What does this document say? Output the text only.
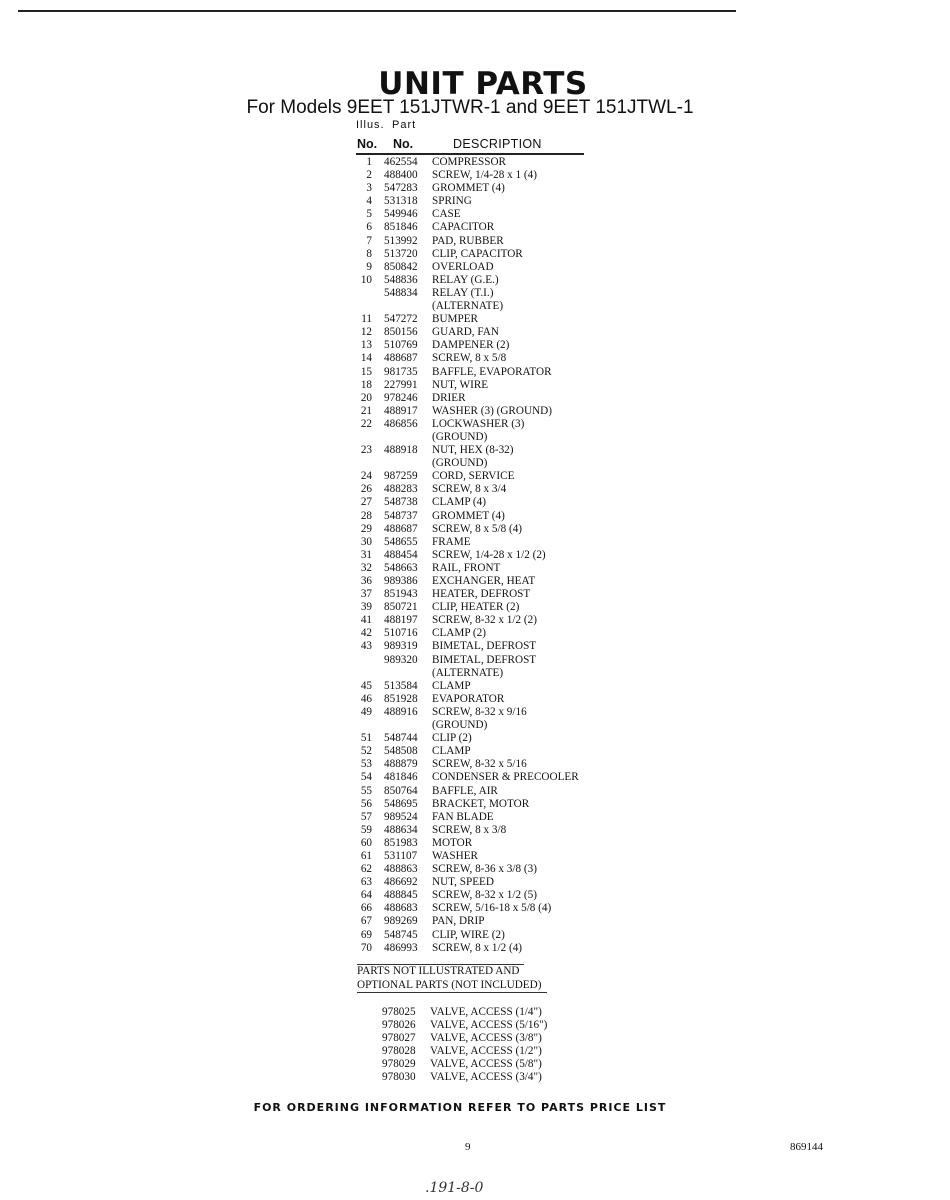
UNIT PARTS
For Models 9EET 151JTWR-1 and 9EET 151JTWL-1
Illus. Part
No. No.	DESCRIPTION
1 462554 COMPRESSOR
2 488400 SCREW, 1/4-28 x 1 (4)
3 547283 GROMMET (4)
4 531318 SPRING
5 549946 CASE
6 851846 CAPACITOR
7 513992 PAD, RUBBER
8 513720 CLIP, CAPACITOR
9 850842 OVERLOAD
10 548836 RELAY (G.E.)
548834 RELAY (T.I.)
(ALTERNATE)
11 547272 BUMPER
12 850156 GUARD, FAN
13 510769 DAMPENER (2)
14 488687 SCREW, 8 x 5/8
15 981735 BAFFLE, EVAPORATOR
18 227991 NUT, WIRE
20 978246 DRIER
21 488917 WASHER (3) (GROUND)
22 486856 LOCKWASHER (3)
(GROUND)
23 488918 NUT, HEX (8-32)
(GROUND)
24 987259 CORD, SERVICE
26 488283 SCREW, 8 x 3/4
27 548738 CLAMP (4)
28 548737 GROMMET (4)
29 488687 SCREW, 8 x 5/8 (4)
30 548655 FRAME
31 488454 SCREW, 1/4-28 x 1/2 (2)
32 548663 RAIL, FRONT
36 989386 EXCHANGER, HEAT
37 851943 HEATER, DEFROST
39 850721 CLIP, HEATER (2)
41 488197 SCREW, 8-32 x 1/2 (2)
42 510716 CLAMP (2)
43 989319 BIMETAL, DEFROST
989320 BIMETAL, DEFROST
(ALTERNATE)
45 513584 CLAMP
46 851928 EVAPORATOR
49 488916 SCREW, 8-32 x 9/16
(GROUND)
51 548744 CLIP (2)
52 548508 CLAMP
53 488879 SCREW, 8-32 x 5/16
54 481846 CONDENSER & PRECOOLER
55 850764 BAFFLE, AIR
56 548695 BRACKET, MOTOR
57 989524 FAN BLADE
59 488634 SCREW, 8 x 3/8
60 851983 MOTOR
61 531107 WASHER
62 488863 SCREW, 8-36 x 3/8 (3)
63 486692 NUT, SPEED
64 488845 SCREW, 8-32 x 1/2 (5)
66 488683 SCREW, 5/16-18 x 5/8 (4)
67 989269 PAN, DRIP
69 548745 CLIP, WIRE (2)
70 486993 SCREW, 8 x 1/2 (4)
PARTS NOT ILLUSTRATED AND
OPTIONAL PARTS (NOT INCLUDED)
978025 VALVE, ACCESS (1/4")
978026 VALVE, ACCESS (5/16")
978027 VALVE, ACCESS (3/8")
978028 VALVE, ACCESS (1/2")
978029 VALVE, ACCESS (5/8")
978030 VALVE, ACCESS (3/4")
FOR ORDERING INFORMATION REFER TO PARTS PRICE LIST
9	869144
.191-8-0
